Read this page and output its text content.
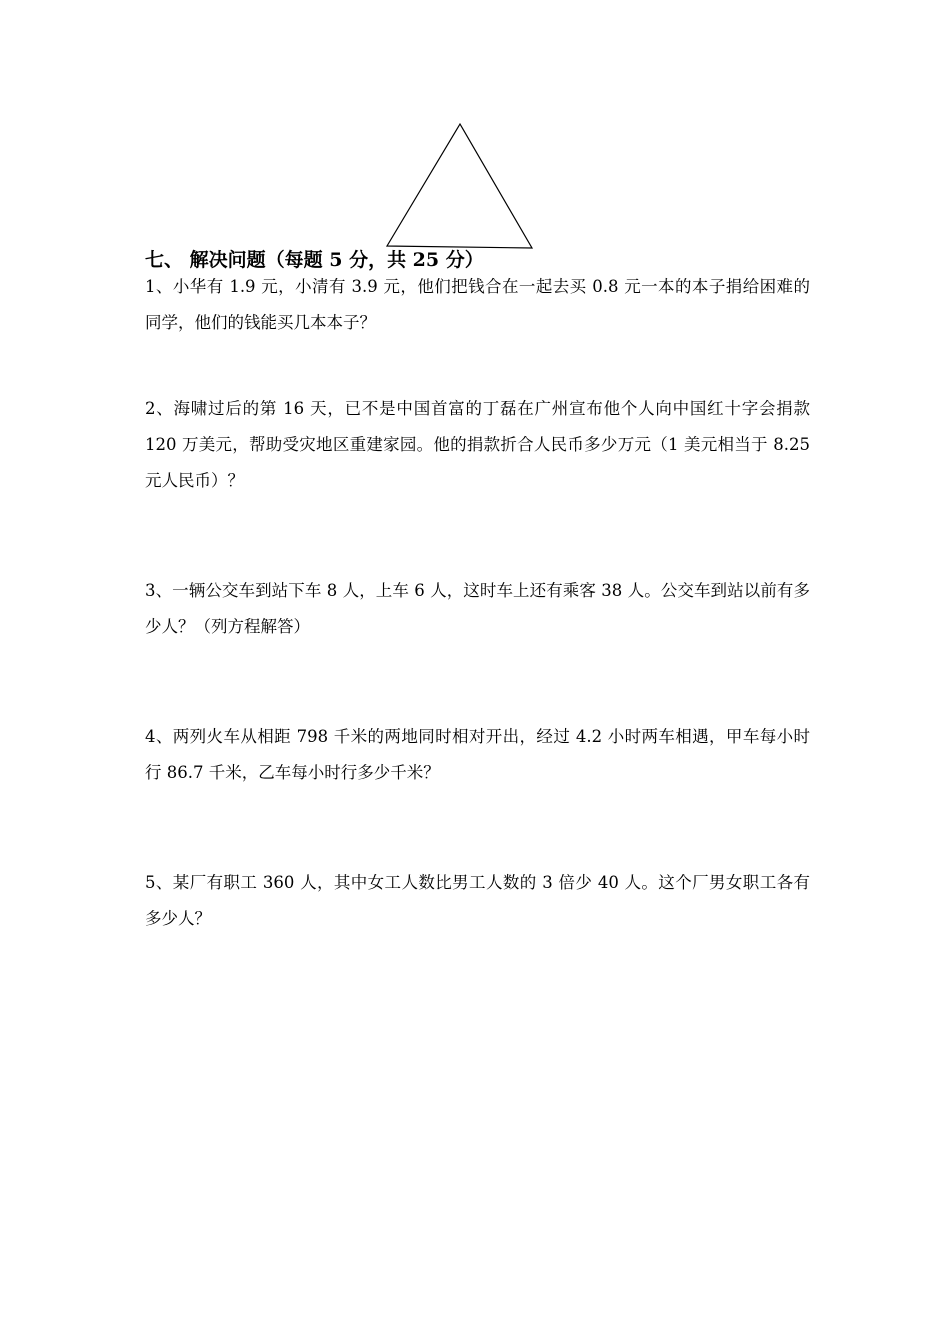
七、 解决问题（每题 5 分，共 25 分）
1、小华有 1.9 元，小清有 3.9 元，他们把钱合在一起去买 0.8 元一本的本子捐给困难的同学，他们的钱能买几本本子？
2、海啸过后的第 16 天，已不是中国首富的丁磊在广州宣布他个人向中国红十字会捐款 120 万美元，帮助受灾地区重建家园。他的捐款折合人民币多少万元（1 美元相当于 8.25 元人民币）？
3、一辆公交车到站下车 8 人，上车 6 人，这时车上还有乘客 38 人。公交车到站以前有多少人？（列方程解答）
4、两列火车从相距 798 千米的两地同时相对开出，经过 4.2 小时两车相遇，甲车每小时行 86.7 千米，乙车每小时行多少千米？
5、某厂有职工 360 人，其中女工人数比男工人数的 3 倍少 40 人。这个厂男女职工各有多少人？
